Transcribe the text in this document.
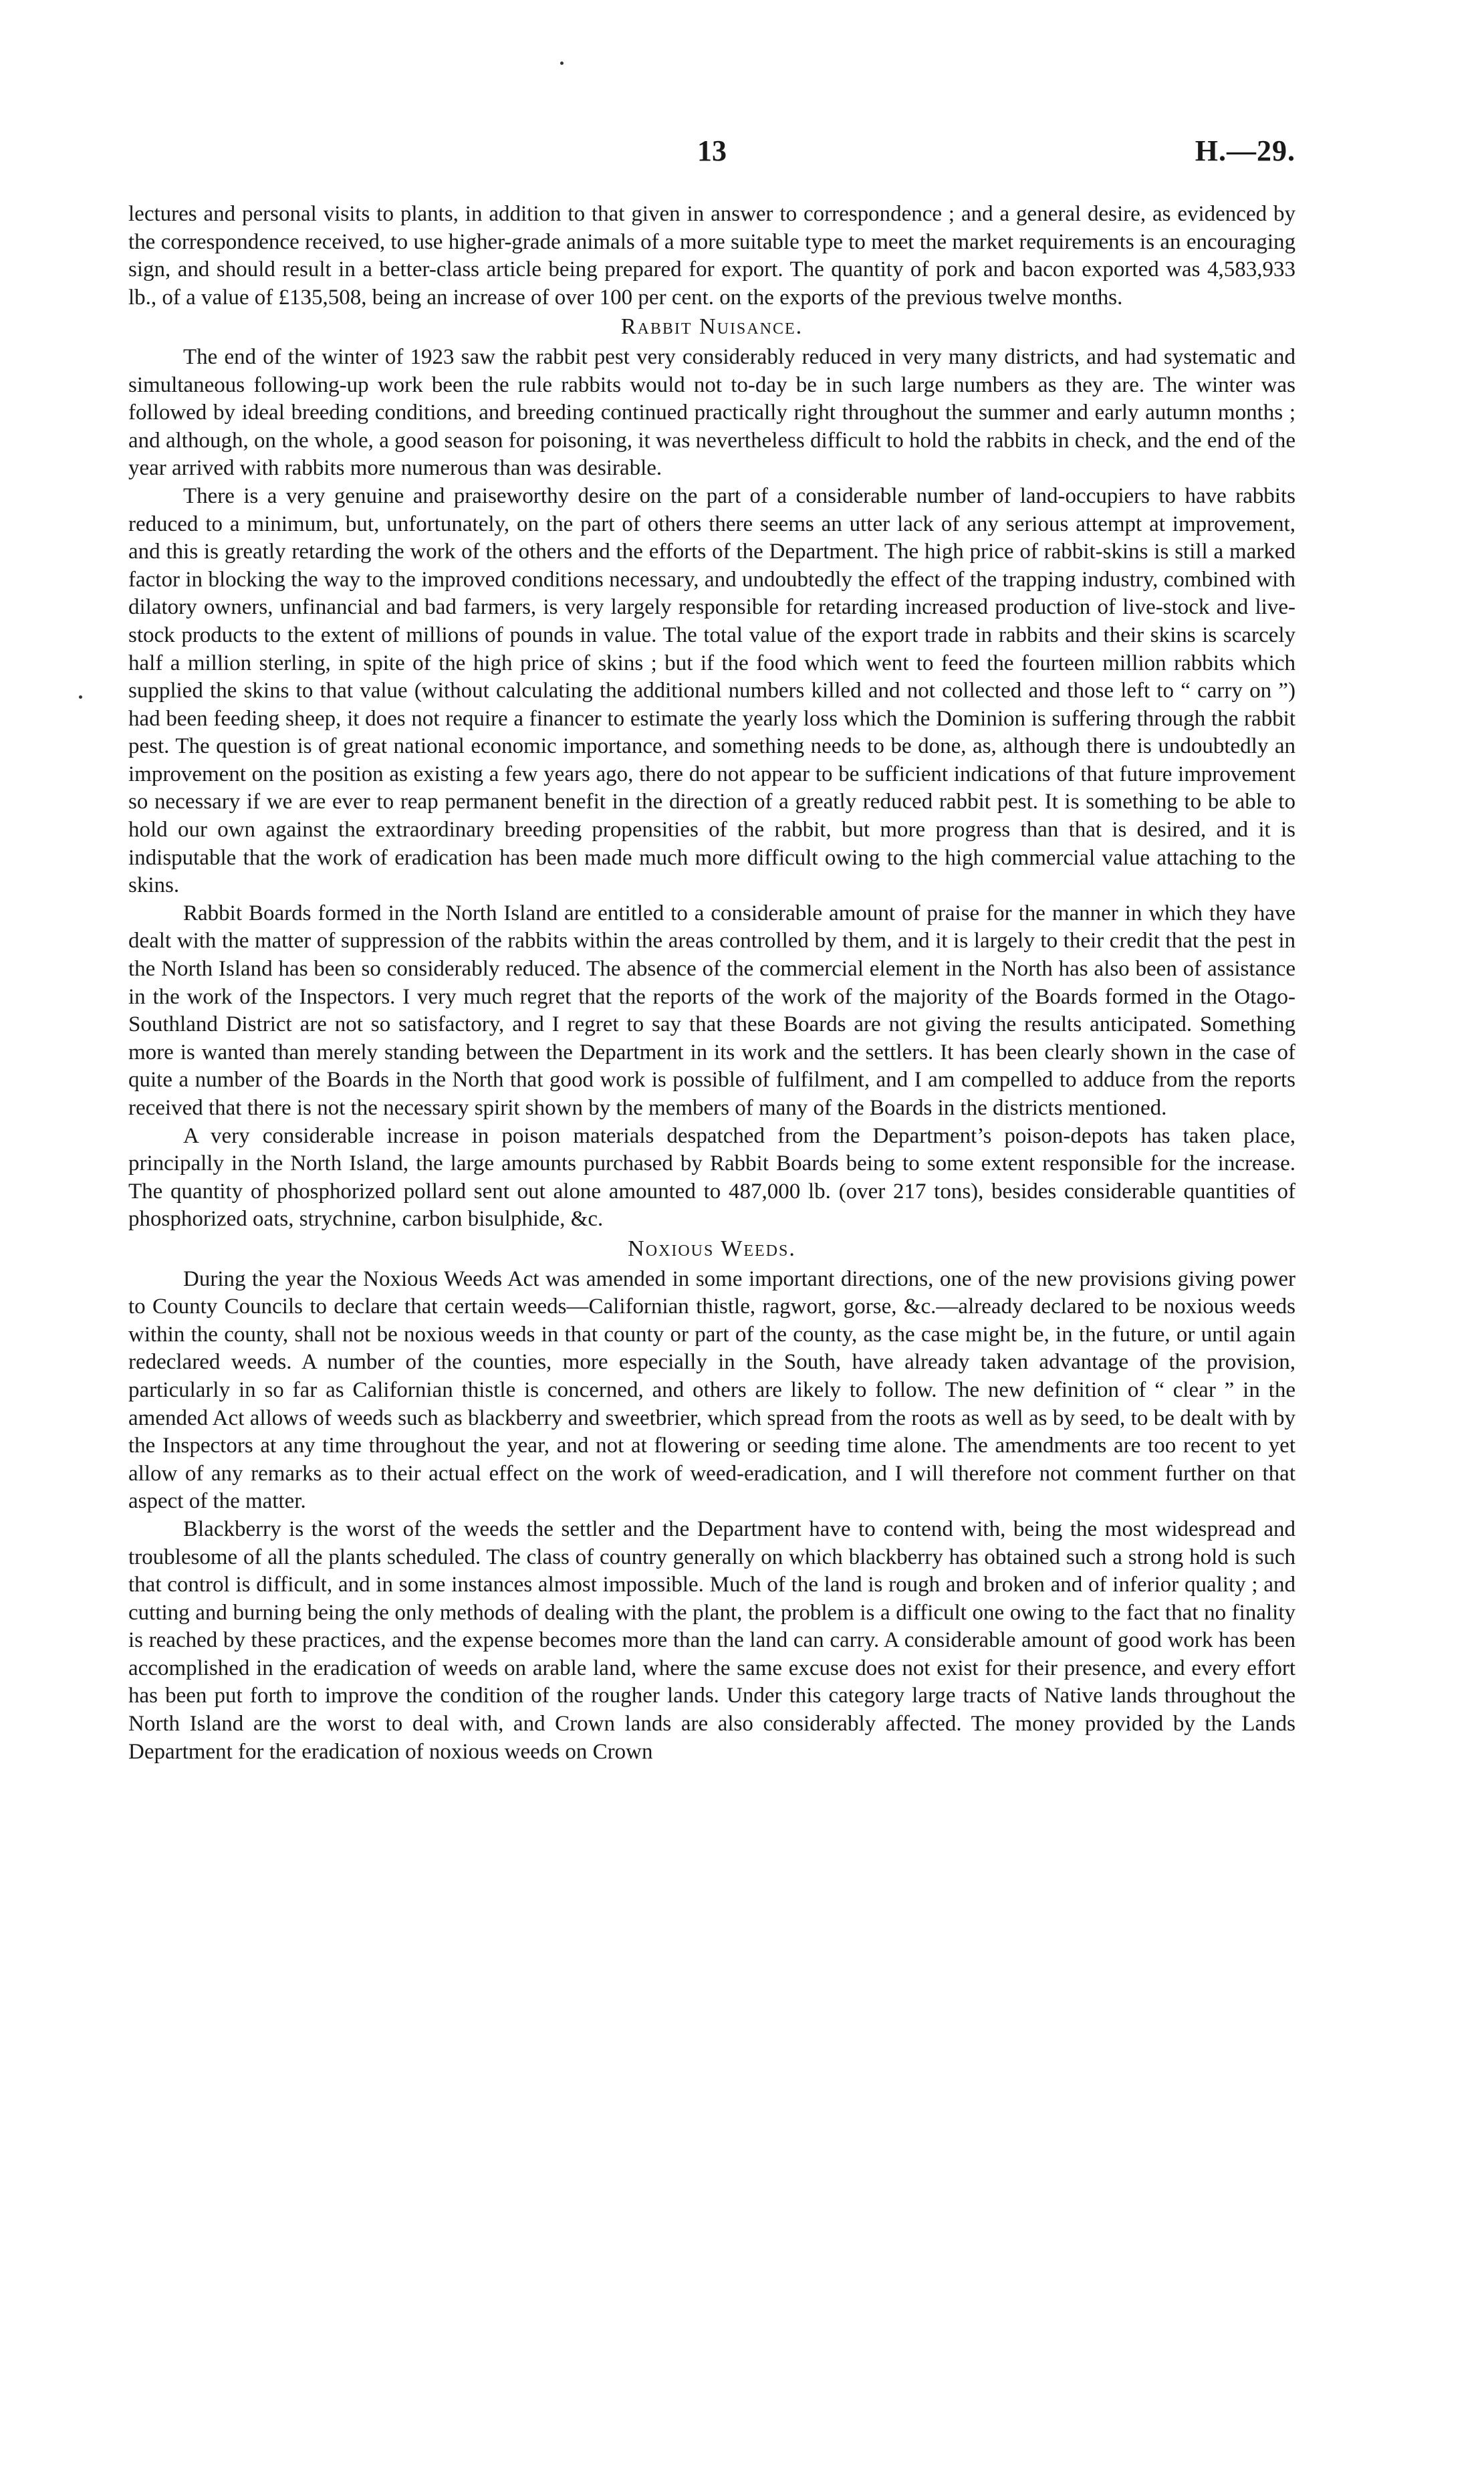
13	H.—29.

lectures and personal visits to plants, in addition to that given in answer to correspondence ; and a general desire, as evidenced by the correspondence received, to use higher-grade animals of a more suitable type to meet the market requirements is an encouraging sign, and should result in a better-class article being prepared for export. The quantity of pork and bacon exported was 4,583,933 lb., of a value of £135,508, being an increase of over 100 per cent. on the exports of the previous twelve months.

Rabbit Nuisance.

The end of the winter of 1923 saw the rabbit pest very considerably reduced in very many districts, and had systematic and simultaneous following-up work been the rule rabbits would not to-day be in such large numbers as they are. The winter was followed by ideal breeding conditions, and breeding continued practically right throughout the summer and early autumn months ; and although, on the whole, a good season for poisoning, it was nevertheless difficult to hold the rabbits in check, and the end of the year arrived with rabbits more numerous than was desirable.

There is a very genuine and praiseworthy desire on the part of a considerable number of land-occupiers to have rabbits reduced to a minimum, but, unfortunately, on the part of others there seems an utter lack of any serious attempt at improvement, and this is greatly retarding the work of the others and the efforts of the Department. The high price of rabbit-skins is still a marked factor in blocking the way to the improved conditions necessary, and undoubtedly the effect of the trapping industry, combined with dilatory owners, unfinancial and bad farmers, is very largely responsible for retarding increased production of live-stock and live-stock products to the extent of millions of pounds in value. The total value of the export trade in rabbits and their skins is scarcely half a million sterling, in spite of the high price of skins ; but if the food which went to feed the fourteen million rabbits which supplied the skins to that value (without calculating the additional numbers killed and not collected and those left to “ carry on ”) had been feeding sheep, it does not require a financer to estimate the yearly loss which the Dominion is suffering through the rabbit pest. The question is of great national economic importance, and something needs to be done, as, although there is undoubtedly an improvement on the position as existing a few years ago, there do not appear to be sufficient indications of that future improvement so necessary if we are ever to reap permanent benefit in the direction of a greatly reduced rabbit pest. It is something to be able to hold our own against the extraordinary breeding propensities of the rabbit, but more progress than that is desired, and it is indisputable that the work of eradication has been made much more difficult owing to the high commercial value attaching to the skins.

Rabbit Boards formed in the North Island are entitled to a considerable amount of praise for the manner in which they have dealt with the matter of suppression of the rabbits within the areas controlled by them, and it is largely to their credit that the pest in the North Island has been so considerably reduced. The absence of the commercial element in the North has also been of assistance in the work of the Inspectors. I very much regret that the reports of the work of the majority of the Boards formed in the Otago-Southland District are not so satisfactory, and I regret to say that these Boards are not giving the results anticipated. Something more is wanted than merely standing between the Department in its work and the settlers. It has been clearly shown in the case of quite a number of the Boards in the North that good work is possible of fulfilment, and I am compelled to adduce from the reports received that there is not the necessary spirit shown by the members of many of the Boards in the districts mentioned.

A very considerable increase in poison materials despatched from the Department’s poison-depots has taken place, principally in the North Island, the large amounts purchased by Rabbit Boards being to some extent responsible for the increase. The quantity of phosphorized pollard sent out alone amounted to 487,000 lb. (over 217 tons), besides considerable quantities of phosphorized oats, strychnine, carbon bisulphide, &c.

Noxious Weeds.

During the year the Noxious Weeds Act was amended in some important directions, one of the new provisions giving power to County Councils to declare that certain weeds—Californian thistle, ragwort, gorse, &c.—already declared to be noxious weeds within the county, shall not be noxious weeds in that county or part of the county, as the case might be, in the future, or until again redeclared weeds. A number of the counties, more especially in the South, have already taken advantage of the provision, particularly in so far as Californian thistle is concerned, and others are likely to follow. The new definition of “ clear ” in the amended Act allows of weeds such as blackberry and sweetbrier, which spread from the roots as well as by seed, to be dealt with by the Inspectors at any time throughout the year, and not at flowering or seeding time alone. The amendments are too recent to yet allow of any remarks as to their actual effect on the work of weed-eradication, and I will therefore not comment further on that aspect of the matter.

Blackberry is the worst of the weeds the settler and the Department have to contend with, being the most widespread and troublesome of all the plants scheduled. The class of country generally on which blackberry has obtained such a strong hold is such that control is difficult, and in some instances almost impossible. Much of the land is rough and broken and of inferior quality ; and cutting and burning being the only methods of dealing with the plant, the problem is a difficult one owing to the fact that no finality is reached by these practices, and the expense becomes more than the land can carry. A considerable amount of good work has been accomplished in the eradication of weeds on arable land, where the same excuse does not exist for their presence, and every effort has been put forth to improve the condition of the rougher lands. Under this category large tracts of Native lands throughout the North Island are the worst to deal with, and Crown lands are also considerably affected. The money provided by the Lands Department for the eradication of noxious weeds on Crown
